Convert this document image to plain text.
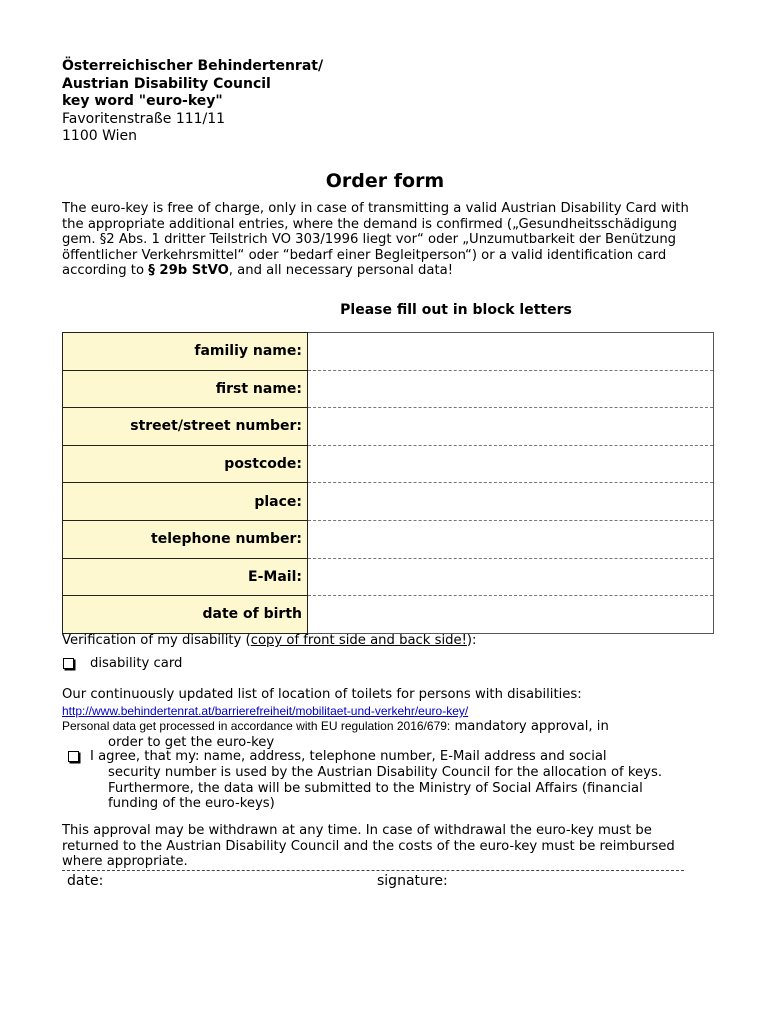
Österreichischer Behindertenrat/
Austrian Disability Council
key word "euro-key"
Favoritenstraße 111/11
1100 Wien
Order form
The euro-key is free of charge, only in case of transmitting a valid Austrian Disability Card with the appropriate additional entries, where the demand is confirmed („Gesundheitsschädigung gem. §2 Abs. 1 dritter Teilstrich VO 303/1996 liegt vor“ oder „Unzumutbarkeit der Benützung öffentlicher Verkehrsmittel“ oder “bedarf einer Begleitperson“) or a valid identification card according to § 29b StVO, and all necessary personal data!
Please fill out in block letters
familiy name:	
first name:	
street/street number:	
postcode:	
place:	
telephone number:	
E-Mail:	
date of birth	
Verification of my disability (copy of front side and back side!):
disability card
Our continuously updated list of location of toilets for persons with disabilities:
http://www.behindertenrat.at/barrierefreiheit/mobilitaet-und-verkehr/euro-key/
Personal data get processed in accordance with EU regulation 2016/679: mandatory approval, in
order to get the euro-key
I agree, that my: name, address, telephone number, E-Mail address and social
security number is used by the Austrian Disability Council for the allocation of keys.
Furthermore, the data will be submitted to the Ministry of Social Affairs (financial
funding of the euro-keys)
This approval may be withdrawn at any time. In case of withdrawal the euro-key must be returned to the Austrian Disability Council and the costs of the euro-key must be reimbursed where appropriate.
date:	signature:
